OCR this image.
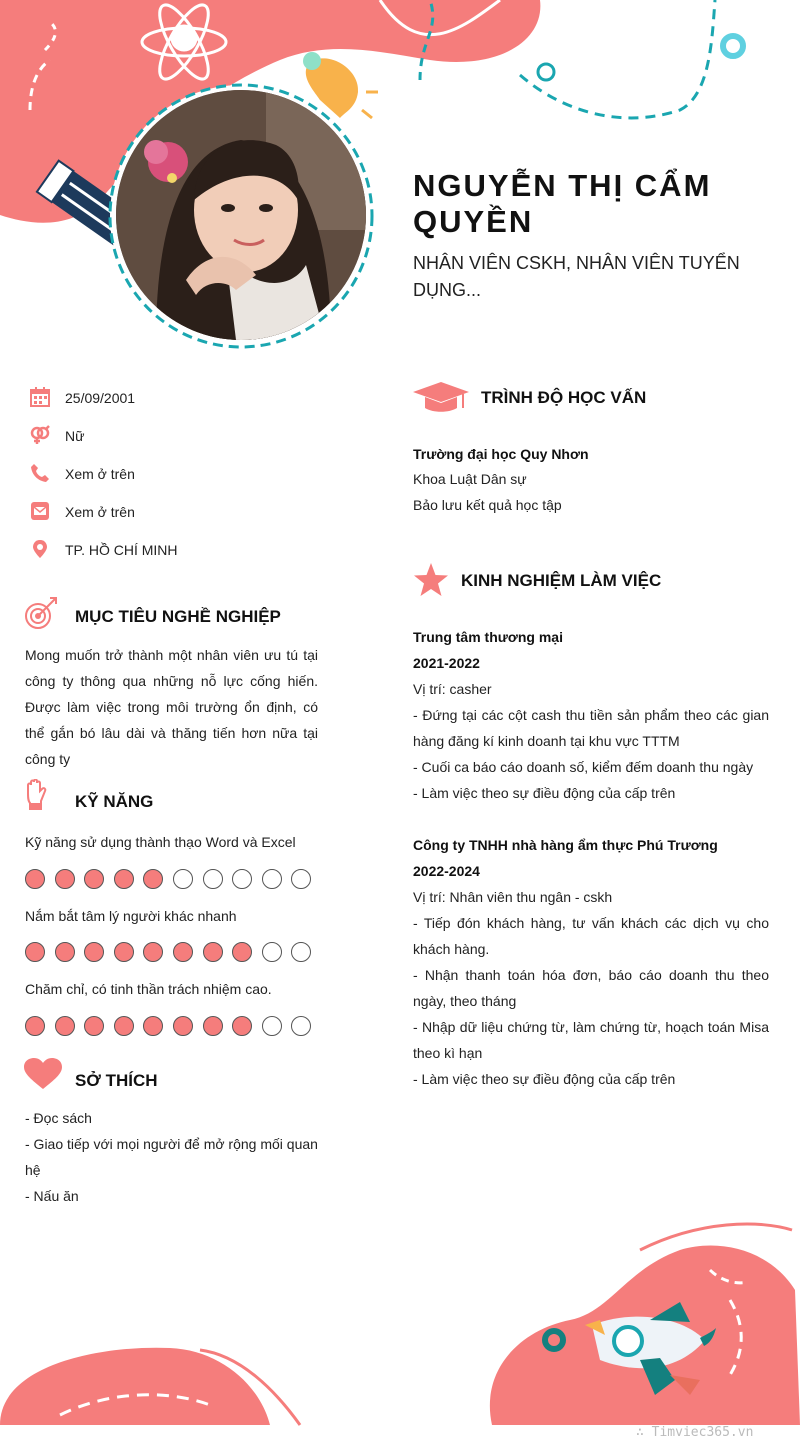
NGUYỄN THỊ CẨM QUYỀN
NHÂN VIÊN CSKH, NHÂN VIÊN TUYỂN DỤNG...
25/09/2001
Nữ
Xem ở trên
Xem ở trên
TP. HỒ CHÍ MINH
MỤC TIÊU NGHỀ NGHIỆP
Mong muốn trở thành một nhân viên ưu tú tại công ty thông qua những nỗ lực cống hiến. Được làm việc trong môi trường ổn định, có thể gắn bó lâu dài và thăng tiến hơn nữa tại công ty
KỸ NĂNG
Kỹ năng sử dụng thành thạo Word và Excel
Nắm bắt tâm lý người khác nhanh
Chăm chỉ, có tinh thần trách nhiệm cao.
SỞ THÍCH
- Đọc sách
- Giao tiếp với mọi người để mở rộng mối quan hệ
- Nấu ăn
TRÌNH ĐỘ HỌC VẤN
Trường đại học Quy Nhơn
Khoa Luật Dân sự
Bảo lưu kết quả học tập
KINH NGHIỆM LÀM VIỆC
Trung tâm thương mại
2021-2022
Vị trí: casher
- Đứng tại các cột cash thu tiền sản phẩm theo các gian hàng đăng kí kinh doanh tại khu vực TTTM
- Cuối ca báo cáo doanh số, kiểm đếm doanh thu ngày
- Làm việc theo sự điều động của cấp trên
Công ty TNHH nhà hàng ẩm thực Phú Trương
2022-2024
Vị trí: Nhân viên thu ngân - cskh
- Tiếp đón khách hàng, tư vấn khách các dịch vụ cho khách hàng.
- Nhận thanh toán hóa đơn, báo cáo doanh thu theo ngày, theo tháng
- Nhập dữ liệu chứng từ, làm chứng từ, hoạch toán Misa theo kì hạn
- Làm việc theo sự điều động của cấp trên
∴ Timviec365.vn
